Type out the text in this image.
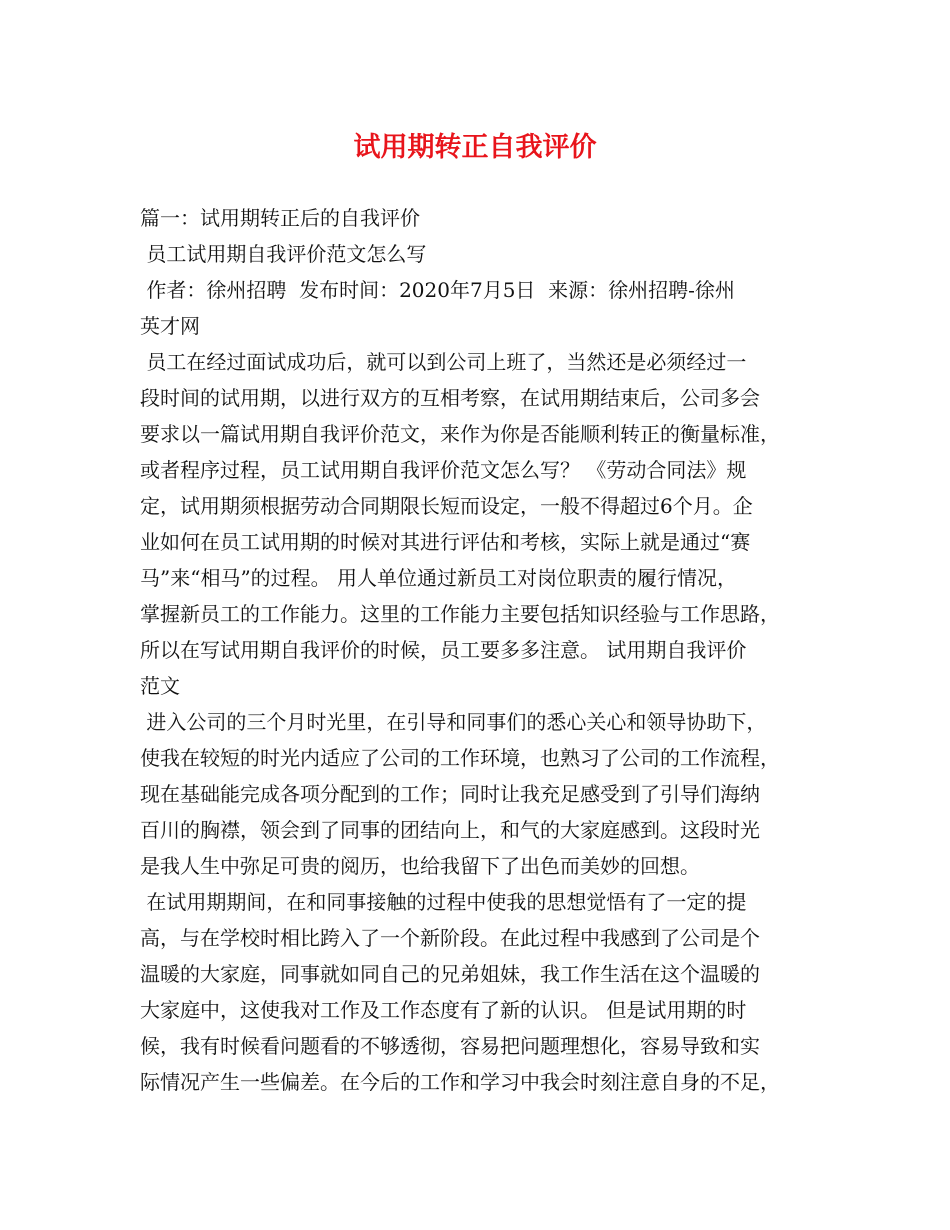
试用期转正自我评价
篇一：试用期转正后的自我评价
员工试用期自我评价范文怎么写
作者：徐州招聘  发布时间：2020年7月5日  来源：徐州招聘-徐州
英才网
员工在经过面试成功后，就可以到公司上班了，当然还是必须经过一
段时间的试用期，以进行双方的互相考察，在试用期结束后，公司多会
要求以一篇试用期自我评价范文，来作为你是否能顺利转正的衡量标准，
或者程序过程，员工试用期自我评价范文怎么写？ 《劳动合同法》规
定，试用期须根据劳动合同期限长短而设定，一般不得超过6个月。企
业如何在员工试用期的时候对其进行评估和考核，实际上就是通过“赛
马”来“相马”的过程。 用人单位通过新员工对岗位职责的履行情况，
掌握新员工的工作能力。这里的工作能力主要包括知识经验与工作思路，
所以在写试用期自我评价的时候，员工要多多注意。 试用期自我评价
范文
进入公司的三个月时光里，在引导和同事们的悉心关心和领导协助下，
使我在较短的时光内适应了公司的工作环境，也熟习了公司的工作流程，
现在基础能完成各项分配到的工作；同时让我充足感受到了引导们海纳
百川的胸襟，领会到了同事的团结向上，和气的大家庭感到。这段时光
是我人生中弥足可贵的阅历，也给我留下了出色而美妙的回想。
在试用期期间，在和同事接触的过程中使我的思想觉悟有了一定的提
高，与在学校时相比跨入了一个新阶段。在此过程中我感到了公司是个
温暖的大家庭，同事就如同自己的兄弟姐妹，我工作生活在这个温暖的
大家庭中，这使我对工作及工作态度有了新的认识。 但是试用期的时
候，我有时候看问题看的不够透彻，容易把问题理想化，容易导致和实
际情况产生一些偏差。在今后的工作和学习中我会时刻注意自身的不足，
